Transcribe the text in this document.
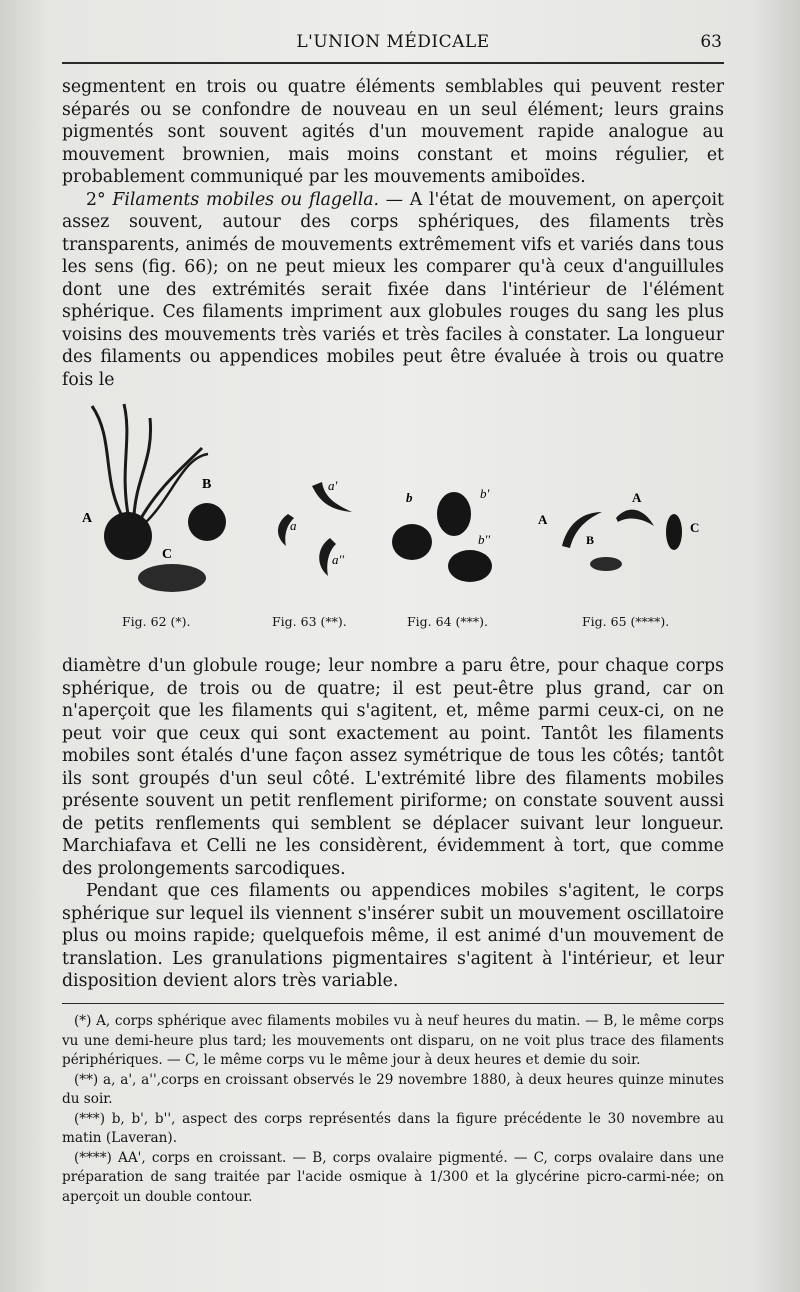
L'UNION MÉDICALE	63

segmentent en trois ou quatre éléments semblables qui peuvent rester séparés ou se confondre de nouveau en un seul élément; leurs grains pigmentés sont souvent agités d'un mouvement rapide analogue au mouvement brownien, mais moins constant et moins régulier, et probablement communiqué par les mouvements amiboïdes.

2° Filaments mobiles ou flagella. — A l'état de mouvement, on aperçoit assez souvent, autour des corps sphériques, des filaments très transparents, animés de mouvements extrêmement vifs et variés dans tous les sens (fig. 66); on ne peut mieux les comparer qu'à ceux d'anguillules dont une des extrémités serait fixée dans l'intérieur de l'élément sphérique. Ces filaments impriment aux globules rouges du sang les plus voisins des mouvements très variés et très faciles à constater. La longueur des filaments ou appendices mobiles peut être évaluée à trois ou quatre fois le

A
B
C
a'
a
a''
b	b'
b''
A
A
B
C
Fig. 62 (*).	Fig. 63 (**).	Fig. 64 (***).	Fig. 65 (****).

diamètre d'un globule rouge; leur nombre a paru être, pour chaque corps sphérique, de trois ou de quatre; il est peut-être plus grand, car on n'aperçoit que les filaments qui s'agitent, et, même parmi ceux-ci, on ne peut voir que ceux qui sont exactement au point. Tantôt les filaments mobiles sont étalés d'une façon assez symétrique de tous les côtés; tantôt ils sont groupés d'un seul côté. L'extrémité libre des filaments mobiles présente souvent un petit renflement piriforme; on constate souvent aussi de petits renflements qui semblent se déplacer suivant leur longueur. Marchiafava et Celli ne les considèrent, évidemment à tort, que comme des prolongements sarcodiques.

Pendant que ces filaments ou appendices mobiles s'agitent, le corps sphérique sur lequel ils viennent s'insérer subit un mouvement oscillatoire plus ou moins rapide; quelquefois même, il est animé d'un mouvement de translation. Les granulations pigmentaires s'agitent à l'intérieur, et leur disposition devient alors très variable.

(*) A, corps sphérique avec filaments mobiles vu à neuf heures du matin. — B, le même corps vu une demi-heure plus tard; les mouvements ont disparu, on ne voit plus trace des filaments périphériques. — C, le même corps vu le même jour à deux heures et demie du soir.

(**) a, a', a'',corps en croissant observés le 29 novembre 1880, à deux heures quinze minutes du soir.

(***) b, b', b'', aspect des corps représentés dans la figure précédente le 30 novembre au matin (Laveran).

(****) AA', corps en croissant. — B, corps ovalaire pigmenté. — C, corps ovalaire dans une préparation de sang traitée par l'acide osmique à 1/300 et la glycérine picro-carmi-née; on aperçoit un double contour.
